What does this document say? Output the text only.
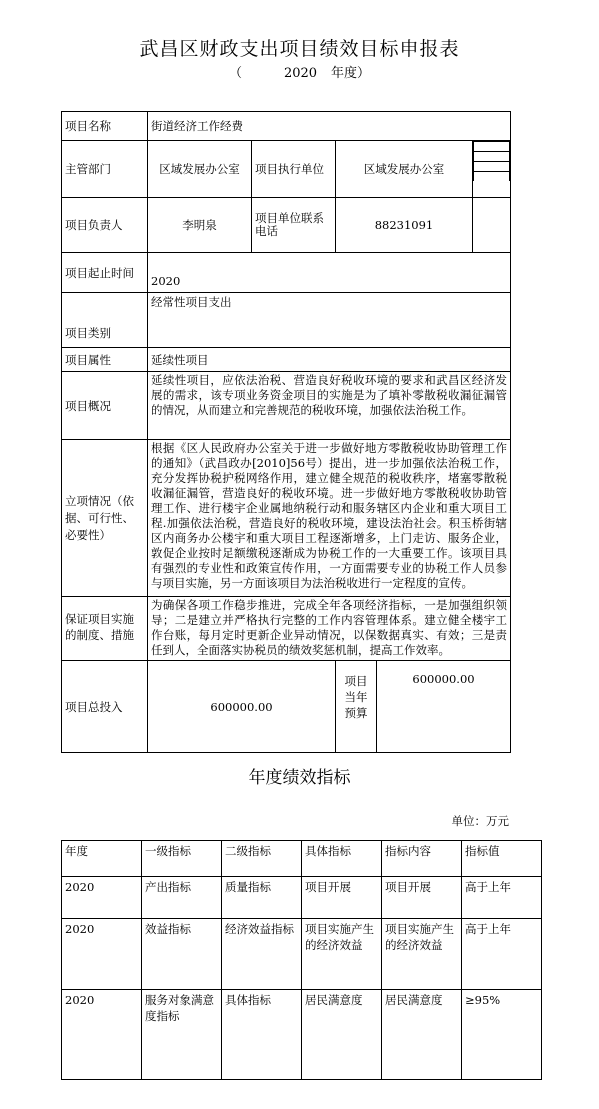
武昌区财政支出项目绩效目标申报表
（	2020 年度）
项目名称	街道经济工作经费
主管部门	区域发展办公室	项目执行单位	区域发展办公室	

项目负责人	李明泉	项目单位联系电话	88231091	
项目起止时间	2020
项目类别	经常性项目支出
项目属性	延续性项目
项目概况	延续性项目，应依法治税、营造良好税收环境的要求和武昌区经济发展的需求，该专项业务资金项目的实施是为了填补零散税收漏征漏管的情况，从而建立和完善规范的税收环境，加强依法治税工作。
立项情况（依据、可行性、必要性）	根据《区人民政府办公室关于进一步做好地方零散税收协助管理工作的通知》（武昌政办[2010]56号）提出，进一步加强依法治税工作，充分发挥协税护税网络作用，建立健全规范的税收秩序，堵塞零散税收漏征漏管，营造良好的税收环境。进一步做好地方零散税收协助管理工作、进行楼宇企业属地纳税行动和服务辖区内企业和重大项目工程.加强依法治税，营造良好的税收环境，建设法治社会。积玉桥街辖区内商务办公楼宇和重大项目工程逐渐增多，上门走访、服务企业，敦促企业按时足额缴税逐渐成为协税工作的一大重要工作。该项目具有强烈的专业性和政策宣传作用，一方面需要专业的协税工作人员参与项目实施，另一方面该项目为法治税收进行一定程度的宣传。
保证项目实施的制度、措施	为确保各项工作稳步推进，完成全年各项经济指标，一是加强组织领导；二是建立并严格执行完整的工作内容管理体系。建立健全楼宇工作台账，每月定时更新企业异动情况，以保数据真实、有效；三是责任到人，全面落实协税员的绩效奖惩机制，提高工作效率。
项目总投入	600000.00	项目当年预算	600000.00
年度绩效指标
单位：万元
年度	一级指标	二级指标	具体指标	指标内容	指标值
2020	产出指标	质量指标	项目开展	项目开展	高于上年
2020	效益指标	经济效益指标	项目实施产生的经济效益	项目实施产生的经济效益	高于上年
2020	服务对象满意度指标	具体指标	居民满意度	居民满意度	≥95%
